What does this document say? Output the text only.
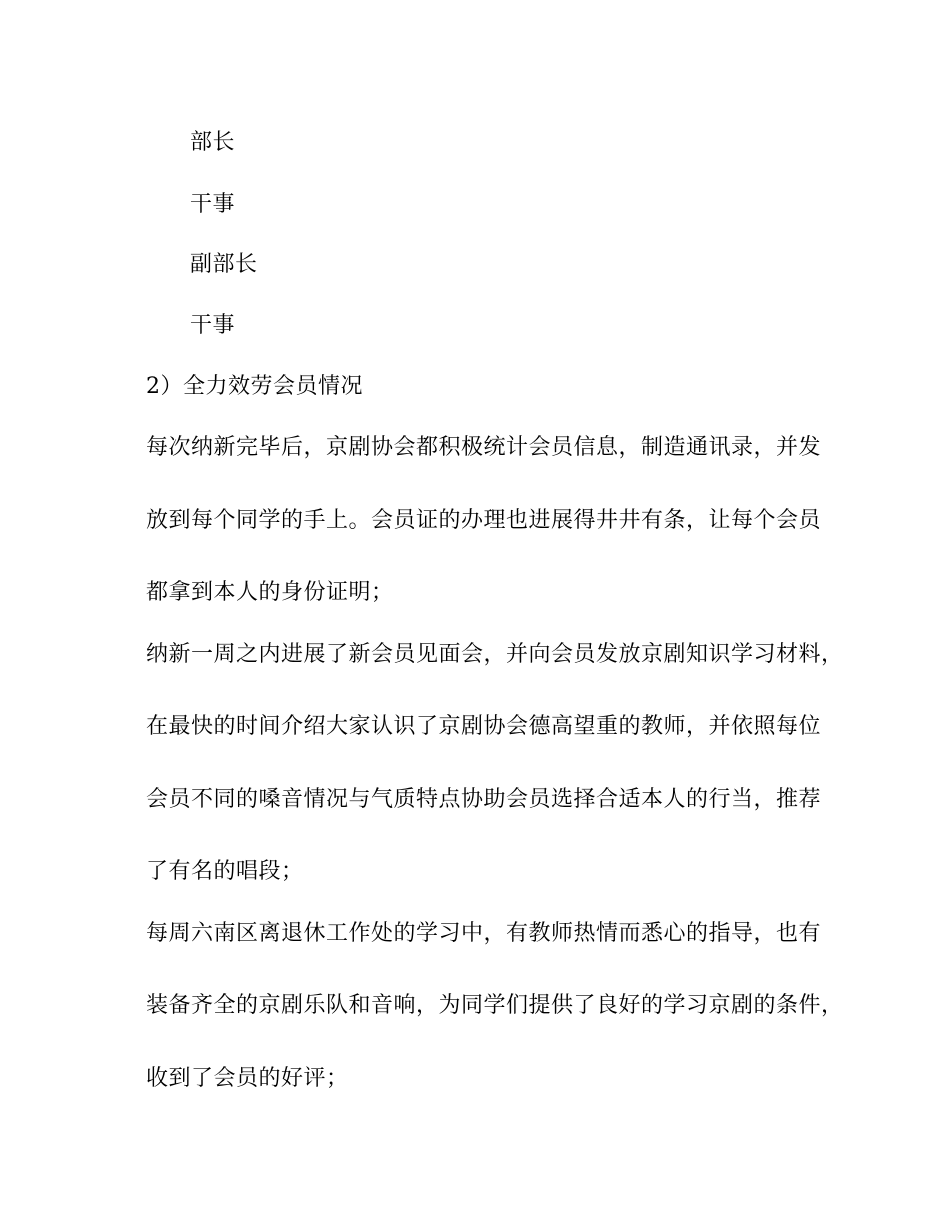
部长
干事
副部长
干事
2）全力效劳会员情况
每次纳新完毕后，京剧协会都积极统计会员信息，制造通讯录，并发
放到每个同学的手上。会员证的办理也进展得井井有条，让每个会员
都拿到本人的身份证明；
纳新一周之内进展了新会员见面会，并向会员发放京剧知识学习材料，
在最快的时间介绍大家认识了京剧协会德高望重的教师，并依照每位
会员不同的嗓音情况与气质特点协助会员选择合适本人的行当，推荐
了有名的唱段；
每周六南区离退休工作处的学习中，有教师热情而悉心的指导，也有
装备齐全的京剧乐队和音响，为同学们提供了良好的学习京剧的条件，
收到了会员的好评；
